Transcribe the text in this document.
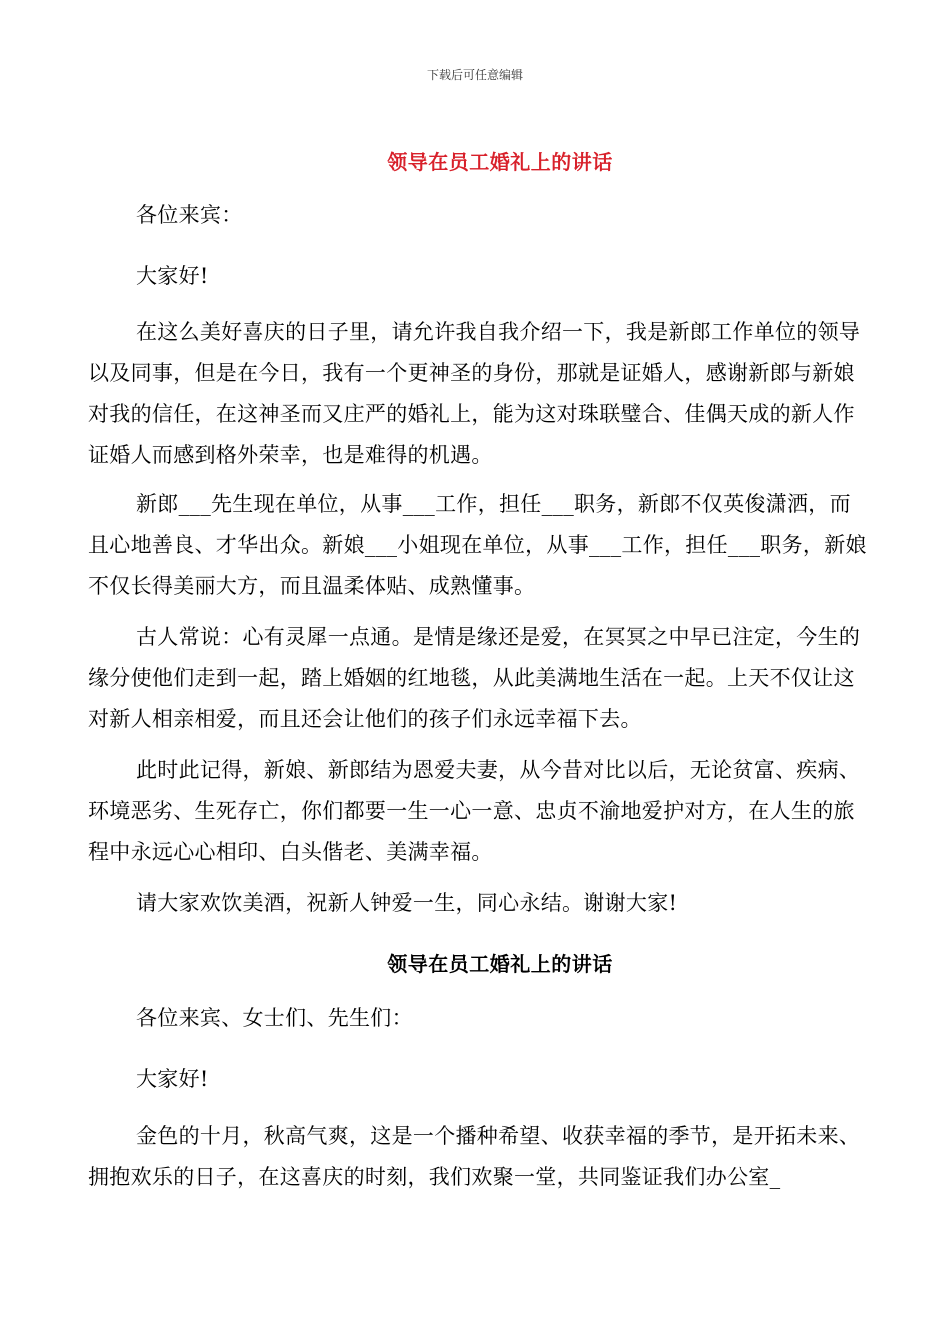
下载后可任意编辑
领导在员工婚礼上的讲话
各位来宾：
大家好!
在这么美好喜庆的日子里，请允许我自我介绍一下，我是新郎工作单位的领导以及同事，但是在今日，我有一个更神圣的身份，那就是证婚人，感谢新郎与新娘对我的信任，在这神圣而又庄严的婚礼上，能为这对珠联璧合、佳偶天成的新人作证婚人而感到格外荣幸，也是难得的机遇。
新郎___先生现在单位，从事___工作，担任___职务，新郎不仅英俊潇洒，而且心地善良、才华出众。新娘___小姐现在单位，从事___工作，担任___职务，新娘不仅长得美丽大方，而且温柔体贴、成熟懂事。
古人常说：心有灵犀一点通。是情是缘还是爱，在冥冥之中早已注定，今生的缘分使他们走到一起，踏上婚姻的红地毯，从此美满地生活在一起。上天不仅让这对新人相亲相爱，而且还会让他们的孩子们永远幸福下去。
此时此记得，新娘、新郎结为恩爱夫妻，从今昔对比以后，无论贫富、疾病、环境恶劣、生死存亡，你们都要一生一心一意、忠贞不渝地爱护对方，在人生的旅程中永远心心相印、白头偕老、美满幸福。
请大家欢饮美酒，祝新人钟爱一生，同心永结。谢谢大家!
领导在员工婚礼上的讲话
各位来宾、女士们、先生们：
大家好!
金色的十月，秋高气爽，这是一个播种希望、收获幸福的季节，是开拓未来、拥抱欢乐的日子，在这喜庆的时刻，我们欢聚一堂，共同鉴证我们办公室_
